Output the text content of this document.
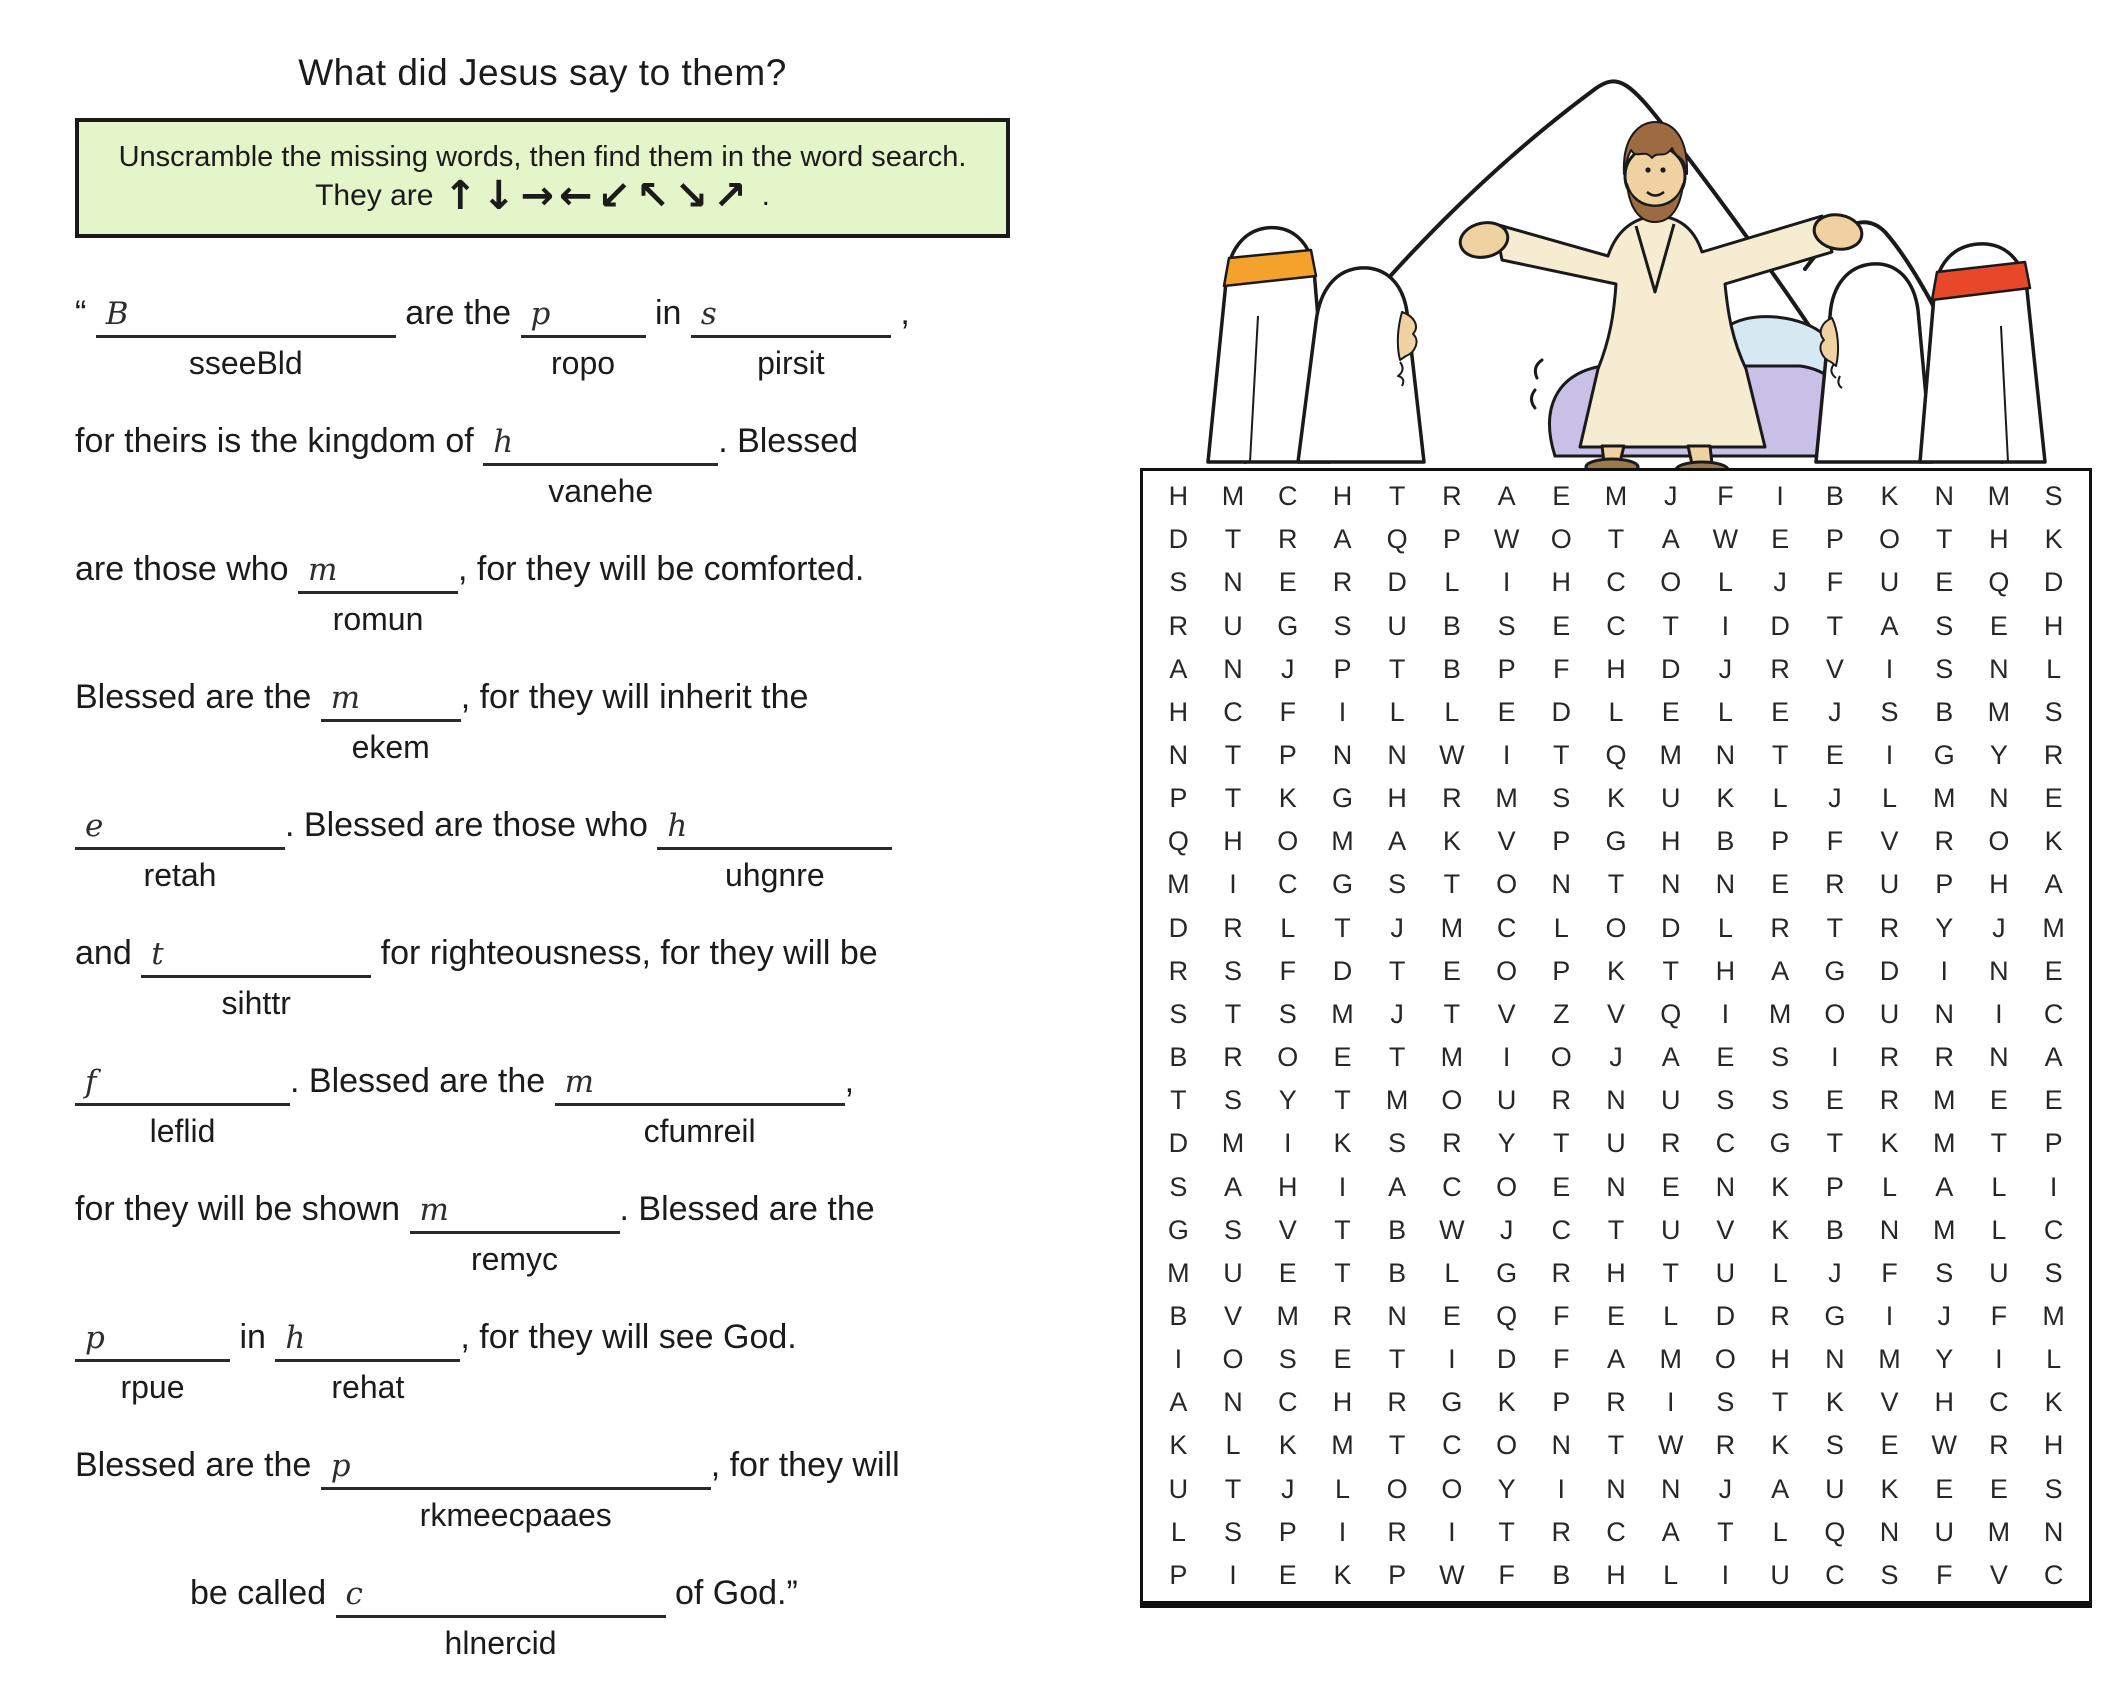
What did Jesus say to them?
Unscramble the missing words, then find them in the word search.
They are ↑↓→←↙↖↘↗ .
“ B
sseeBld
are the p
ropo
in s
pirsit
,
for theirs is the kingdom of h
vanehe
. Blessed
are those who m
romun
, for they will be comforted.
Blessed are the m
ekem
, for they will inherit the
e
retah
. Blessed are those who h
uhgnre
and t
sihttr
for righteousness, for they will be
f
leflid
. Blessed are the m
cfumreil
,
for they will be shown m
remyc
. Blessed are the
p
rpue
in h
rehat
, for they will see God.
Blessed are the p
rkmeecpaaes
, for they will
be called c
hlnercid
of God.”
H	M	C	H	T	R	A	E	M	J	F	I	B	K	N	M	S
D	T	R	A	Q	P	W	O	T	A	W	E	P	O	T	H	K
S	N	E	R	D	L	I	H	C	O	L	J	F	U	E	Q	D
R	U	G	S	U	B	S	E	C	T	I	D	T	A	S	E	H
A	N	J	P	T	B	P	F	H	D	J	R	V	I	S	N	L
H	C	F	I	L	L	E	D	L	E	L	E	J	S	B	M	S
N	T	P	N	N	W	I	T	Q	M	N	T	E	I	G	Y	R
P	T	K	G	H	R	M	S	K	U	K	L	J	L	M	N	E
Q	H	O	M	A	K	V	P	G	H	B	P	F	V	R	O	K
M	I	C	G	S	T	O	N	T	N	N	E	R	U	P	H	A
D	R	L	T	J	M	C	L	O	D	L	R	T	R	Y	J	M
R	S	F	D	T	E	O	P	K	T	H	A	G	D	I	N	E
S	T	S	M	J	T	V	Z	V	Q	I	M	O	U	N	I	C
B	R	O	E	T	M	I	O	J	A	E	S	I	R	R	N	A
T	S	Y	T	M	O	U	R	N	U	S	S	E	R	M	E	E
D	M	I	K	S	R	Y	T	U	R	C	G	T	K	M	T	P
S	A	H	I	A	C	O	E	N	E	N	K	P	L	A	L	I
G	S	V	T	B	W	J	C	T	U	V	K	B	N	M	L	C
M	U	E	T	B	L	G	R	H	T	U	L	J	F	S	U	S
B	V	M	R	N	E	Q	F	E	L	D	R	G	I	J	F	M
I	O	S	E	T	I	D	F	A	M	O	H	N	M	Y	I	L
A	N	C	H	R	G	K	P	R	I	S	T	K	V	H	C	K
K	L	K	M	T	C	O	N	T	W	R	K	S	E	W	R	H
U	T	J	L	O	O	Y	I	N	N	J	A	U	K	E	E	S
L	S	P	I	R	I	T	R	C	A	T	L	Q	N	U	M	N
P	I	E	K	P	W	F	B	H	L	I	U	C	S	F	V	C
